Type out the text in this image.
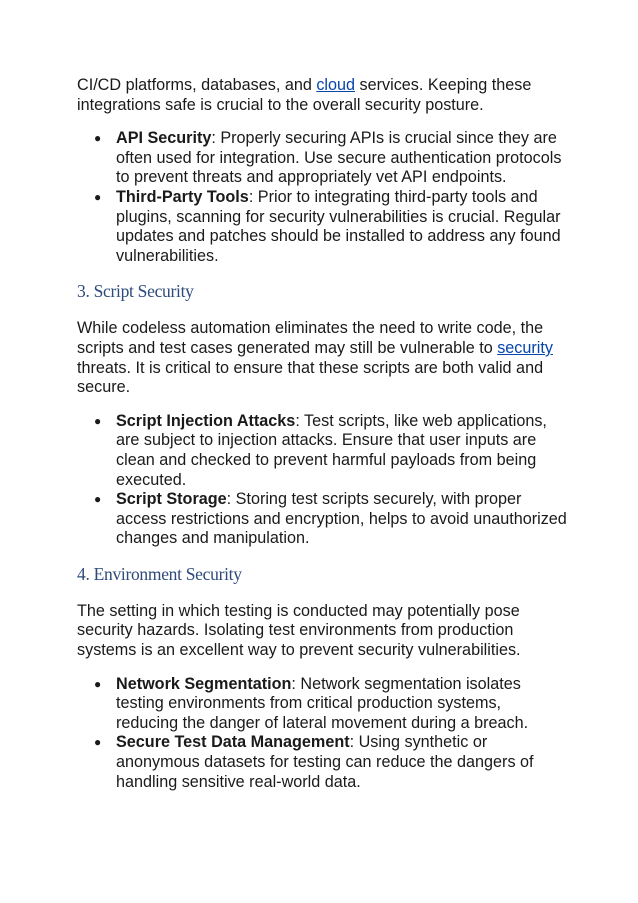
CI/CD platforms, databases, and cloud services. Keeping these integrations safe is crucial to the overall security posture.

● API Security: Properly securing APIs is crucial since they are often used for integration. Use secure authentication protocols to prevent threats and appropriately vet API endpoints.
● Third-Party Tools: Prior to integrating third-party tools and plugins, scanning for security vulnerabilities is crucial. Regular updates and patches should be installed to address any found vulnerabilities.
3. Script Security

While codeless automation eliminates the need to write code, the scripts and test cases generated may still be vulnerable to security threats. It is critical to ensure that these scripts are both valid and secure.

● Script Injection Attacks: Test scripts, like web applications, are subject to injection attacks. Ensure that user inputs are clean and checked to prevent harmful payloads from being executed.
● Script Storage: Storing test scripts securely, with proper access restrictions and encryption, helps to avoid unauthorized changes and manipulation.
4. Environment Security

The setting in which testing is conducted may potentially pose security hazards. Isolating test environments from production systems is an excellent way to prevent security vulnerabilities.

● Network Segmentation: Network segmentation isolates testing environments from critical production systems, reducing the danger of lateral movement during a breach.
● Secure Test Data Management: Using synthetic or anonymous datasets for testing can reduce the dangers of handling sensitive real-world data.
